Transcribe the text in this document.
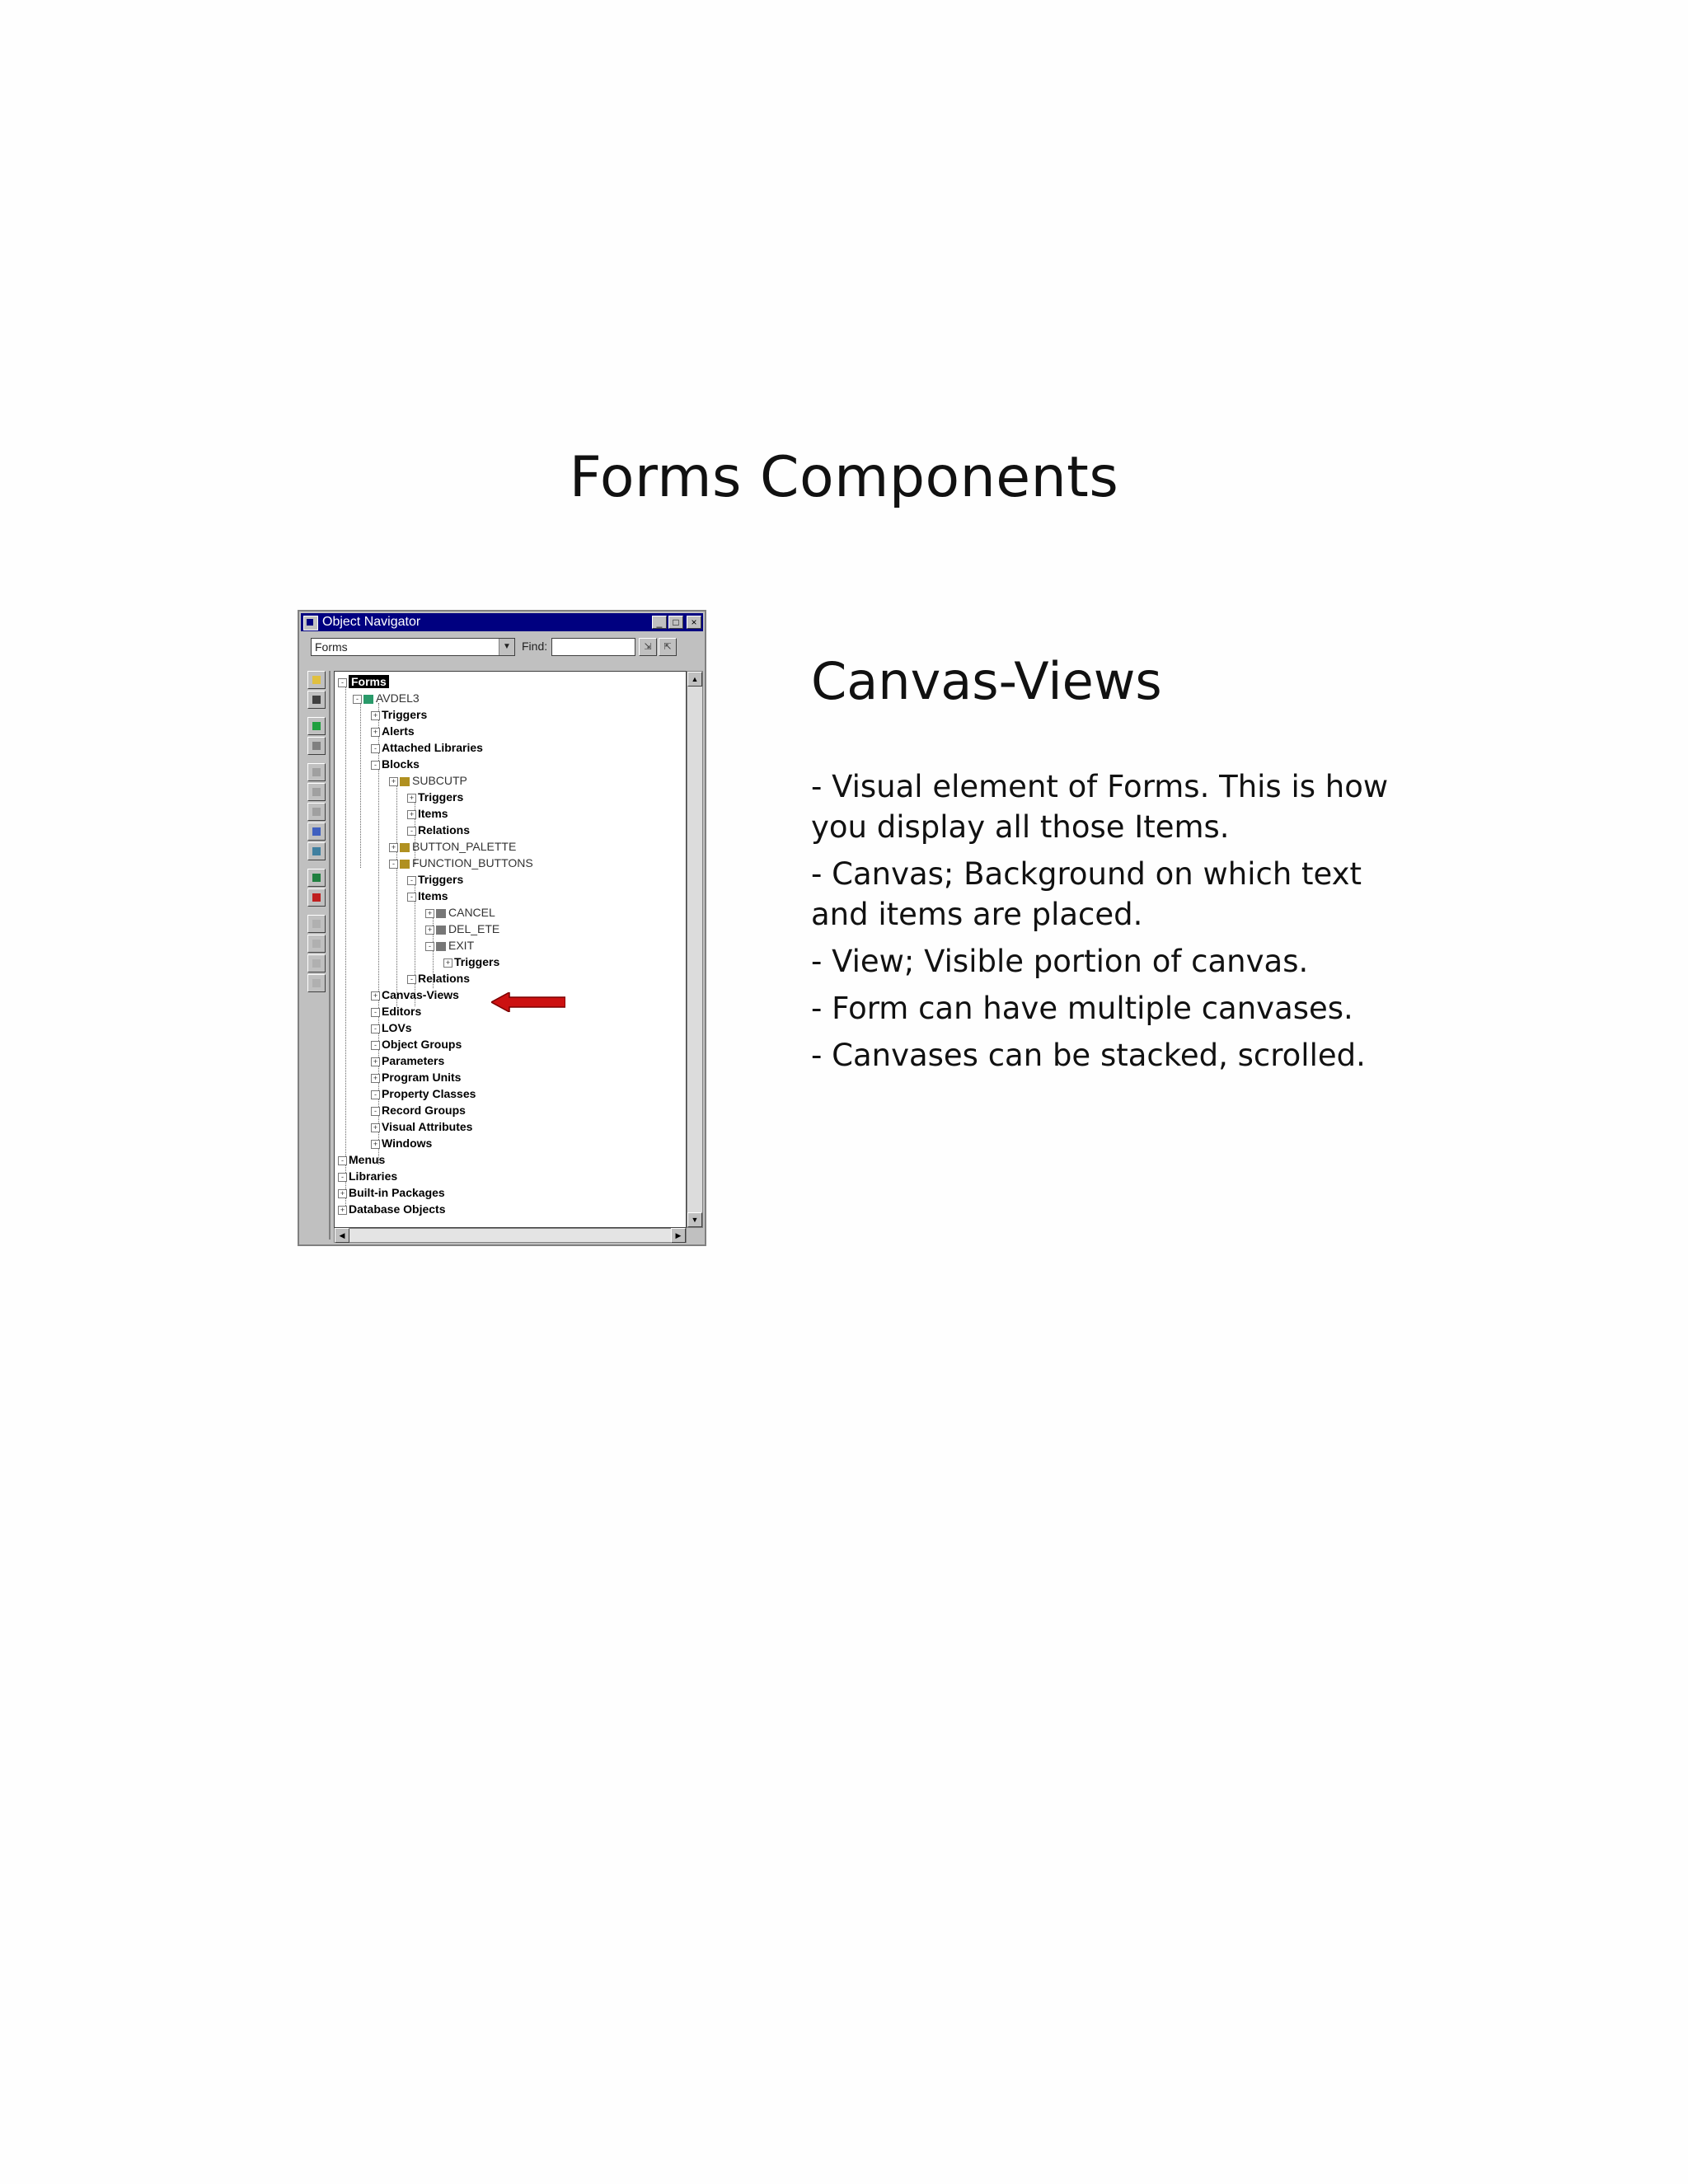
Forms Components
Object Navigator	_	□	×
Forms	▼ Find:	⇲	⇱
- Forms
- AVDEL3
+ Triggers
+ Alerts
- Attached Libraries
- Blocks
+ SUBCUTP
+ Triggers
+ Items
- Relations
+ BUTTON_PALETTE
- FUNCTION_BUTTONS
- Triggers
- Items
+ CANCEL
+ DEL_ETE
- EXIT
+ Triggers
- Relations
+ Canvas-Views
- Editors
- LOVs
- Object Groups
+ Parameters
+ Program Units
- Property Classes
- Record Groups
+ Visual Attributes
+ Windows
- Menus
- Libraries
+ Built-in Packages
+ Database Objects
▲
▼
◀	▶
Canvas-Views

- Visual element of Forms. This is how you display all those Items.

- Canvas; Background on which text and items are placed.

- View; Visible portion of canvas.

- Form can have multiple canvases.

- Canvases can be stacked, scrolled.
